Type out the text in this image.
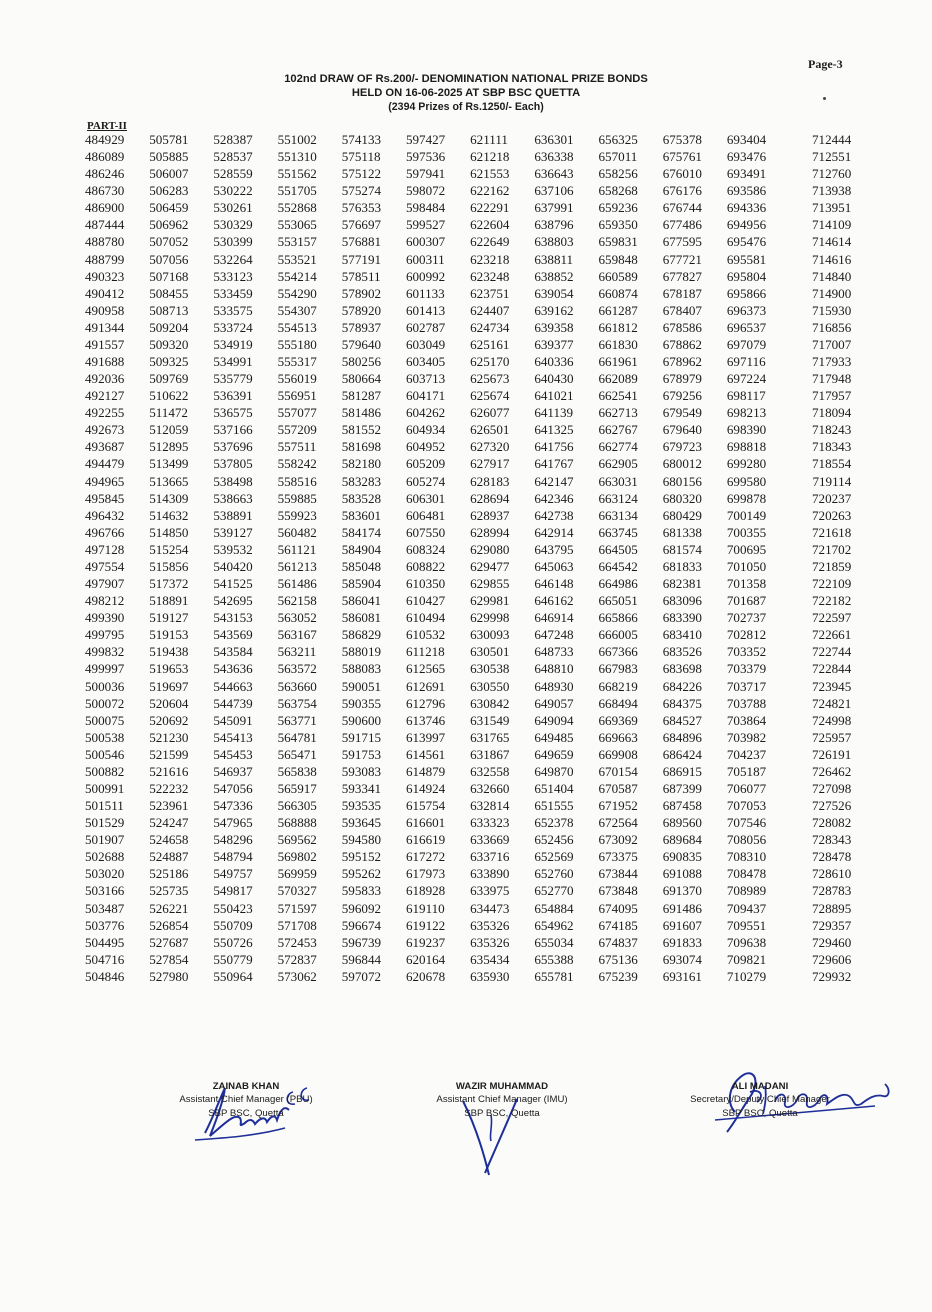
Page-3
102nd DRAW OF Rs.200/- DENOMINATION NATIONAL PRIZE BONDS
HELD ON 16-06-2025 AT SBP BSC QUETTA
(2394 Prizes of Rs.1250/- Each)
PART-II
484929	505781	528387	551002	574133	597427	621111	636301	656325	675378	693404	712444
486089	505885	528537	551310	575118	597536	621218	636338	657011	675761	693476	712551
486246	506007	528559	551562	575122	597941	621553	636643	658256	676010	693491	712760
486730	506283	530222	551705	575274	598072	622162	637106	658268	676176	693586	713938
486900	506459	530261	552868	576353	598484	622291	637991	659236	676744	694336	713951
487444	506962	530329	553065	576697	599527	622604	638796	659350	677486	694956	714109
488780	507052	530399	553157	576881	600307	622649	638803	659831	677595	695476	714614
488799	507056	532264	553521	577191	600311	623218	638811	659848	677721	695581	714616
490323	507168	533123	554214	578511	600992	623248	638852	660589	677827	695804	714840
490412	508455	533459	554290	578902	601133	623751	639054	660874	678187	695866	714900
490958	508713	533575	554307	578920	601413	624407	639162	661287	678407	696373	715930
491344	509204	533724	554513	578937	602787	624734	639358	661812	678586	696537	716856
491557	509320	534919	555180	579640	603049	625161	639377	661830	678862	697079	717007
491688	509325	534991	555317	580256	603405	625170	640336	661961	678962	697116	717933
492036	509769	535779	556019	580664	603713	625673	640430	662089	678979	697224	717948
492127	510622	536391	556951	581287	604171	625674	641021	662541	679256	698117	717957
492255	511472	536575	557077	581486	604262	626077	641139	662713	679549	698213	718094
492673	512059	537166	557209	581552	604934	626501	641325	662767	679640	698390	718243
493687	512895	537696	557511	581698	604952	627320	641756	662774	679723	698818	718343
494479	513499	537805	558242	582180	605209	627917	641767	662905	680012	699280	718554
494965	513665	538498	558516	583283	605274	628183	642147	663031	680156	699580	719114
495845	514309	538663	559885	583528	606301	628694	642346	663124	680320	699878	720237
496432	514632	538891	559923	583601	606481	628937	642738	663134	680429	700149	720263
496766	514850	539127	560482	584174	607550	628994	642914	663745	681338	700355	721618
497128	515254	539532	561121	584904	608324	629080	643795	664505	681574	700695	721702
497554	515856	540420	561213	585048	608822	629477	645063	664542	681833	701050	721859
497907	517372	541525	561486	585904	610350	629855	646148	664986	682381	701358	722109
498212	518891	542695	562158	586041	610427	629981	646162	665051	683096	701687	722182
499390	519127	543153	563052	586081	610494	629998	646914	665866	683390	702737	722597
499795	519153	543569	563167	586829	610532	630093	647248	666005	683410	702812	722661
499832	519438	543584	563211	588019	611218	630501	648733	667366	683526	703352	722744
499997	519653	543636	563572	588083	612565	630538	648810	667983	683698	703379	722844
500036	519697	544663	563660	590051	612691	630550	648930	668219	684226	703717	723945
500072	520604	544739	563754	590355	612796	630842	649057	668494	684375	703788	724821
500075	520692	545091	563771	590600	613746	631549	649094	669369	684527	703864	724998
500538	521230	545413	564781	591715	613997	631765	649485	669663	684896	703982	725957
500546	521599	545453	565471	591753	614561	631867	649659	669908	686424	704237	726191
500882	521616	546937	565838	593083	614879	632558	649870	670154	686915	705187	726462
500991	522232	547056	565917	593341	614924	632660	651404	670587	687399	706077	727098
501511	523961	547336	566305	593535	615754	632814	651555	671952	687458	707053	727526
501529	524247	547965	568888	593645	616601	633323	652378	672564	689560	707546	728082
501907	524658	548296	569562	594580	616619	633669	652456	673092	689684	708056	728343
502688	524887	548794	569802	595152	617272	633716	652569	673375	690835	708310	728478
503020	525186	549757	569959	595262	617973	633890	652760	673844	691088	708478	728610
503166	525735	549817	570327	595833	618928	633975	652770	673848	691370	708989	728783
503487	526221	550423	571597	596092	619110	634473	654884	674095	691486	709437	728895
503776	526854	550709	571708	596674	619122	635326	654962	674185	691607	709551	729357
504495	527687	550726	572453	596739	619237	635326	655034	674837	691833	709638	729460
504716	527854	550779	572837	596844	620164	635434	655388	675136	693074	709821	729606
504846	527980	550964	573062	597072	620678	635930	655781	675239	693161	710279	729932
ZAINAB KHAN
Assistant Chief Manager (PBU)
SBP BSC, Quetta
WAZIR MUHAMMAD
Assistant Chief Manager (IMU)
SBP BSC, Quetta
ALI MADANI
Secretary/Deputy Chief Manager
SBP BSC, Quetta
